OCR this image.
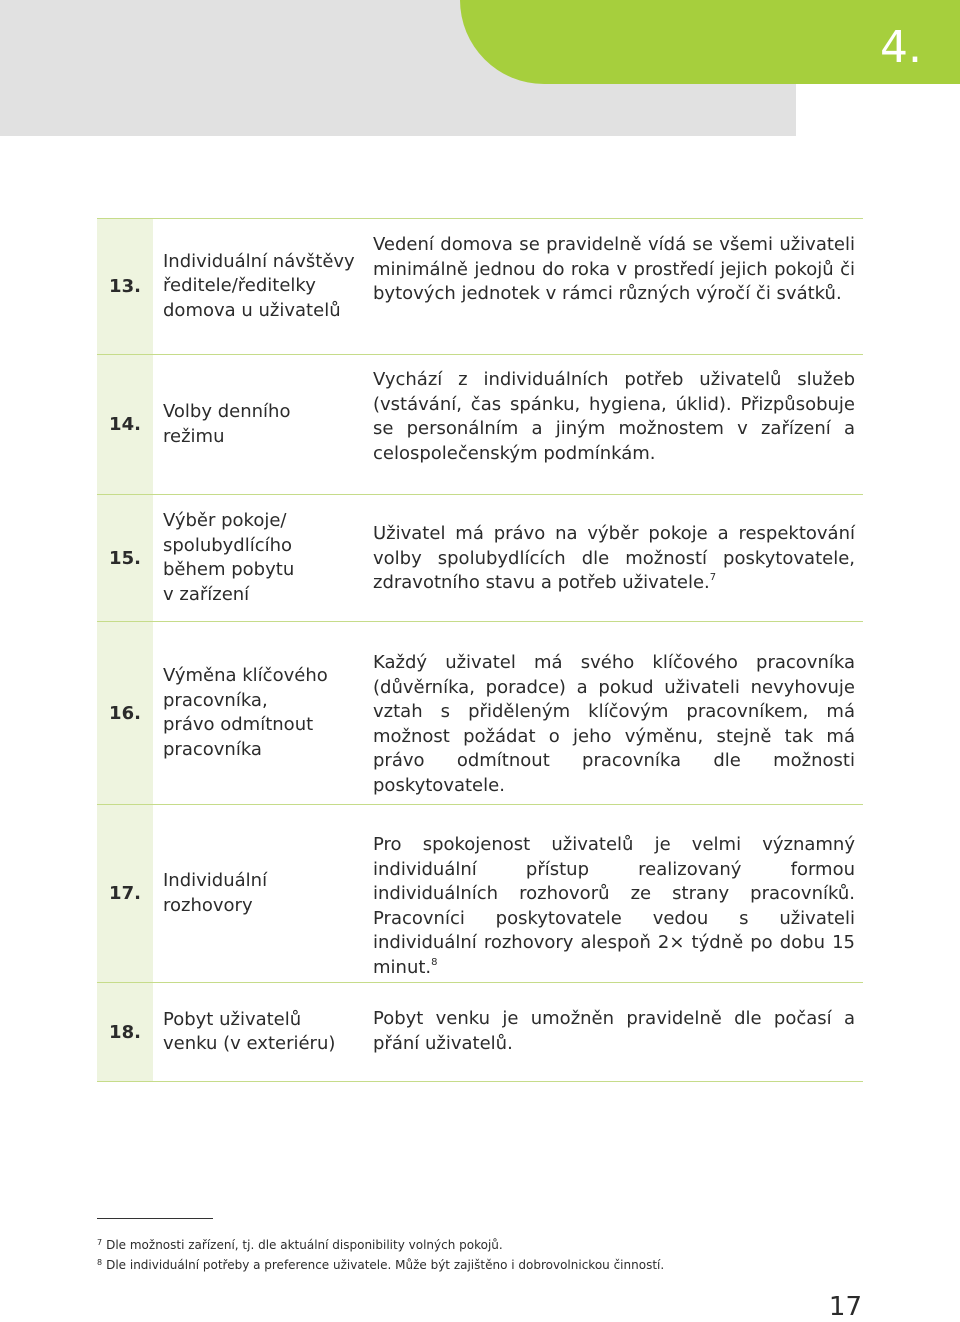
4.
13.
Individuální návštěvy
ředitele/ředitelky
domova u uživatelů
Vedení domova se pravidelně vídá se všemi uživateli minimálně jednou do roka v prostředí jejich pokojů či bytových jednotek v rámci různých výročí či svátků.
14.
Volby denního
režimu
Vychází z individuálních potřeb uživatelů služeb (vstávání, čas spánku, hygiena, úklid). Přizpůsobuje se personálním a jiným možnostem v zařízení a celospolečenským podmínkám.
15.
Výběr pokoje/
spolubydlícího
během pobytu
v zařízení
Uživatel má právo na výběr pokoje a respektování volby spolubydlících dle možností poskytovatele, zdravotního stavu a potřeb uživatele.$^7$
16.
Výměna klíčového
pracovníka,
právo odmítnout
pracovníka
Každý uživatel má svého klíčového pracovníka (důvěrníka, poradce) a pokud uživateli nevyhovuje vztah s přiděleným klíčovým pracovníkem, má možnost požádat o jeho výměnu, stejně tak má právo odmítnout pracovníka dle možnosti poskytovatele.
17.
Individuální
rozhovory
Pro spokojenost uživatelů je velmi významný individuální přístup realizovaný formou individuálních rozhovorů ze strany pracovníků. Pracovníci poskytovatele vedou s uživateli individuální rozhovory alespoň 2× týdně po dobu 15 minut.$^8$
18.
Pobyt uživatelů
venku (v exteriéru)
Pobyt venku je umožněn pravidelně dle počasí a přání uživatelů.
$^7$ Dle možnosti zařízení, tj. dle aktuální disponibility volných pokojů.
$^8$ Dle individuální potřeby a preference uživatele. Může být zajištěno i dobrovolnickou činností.
17
